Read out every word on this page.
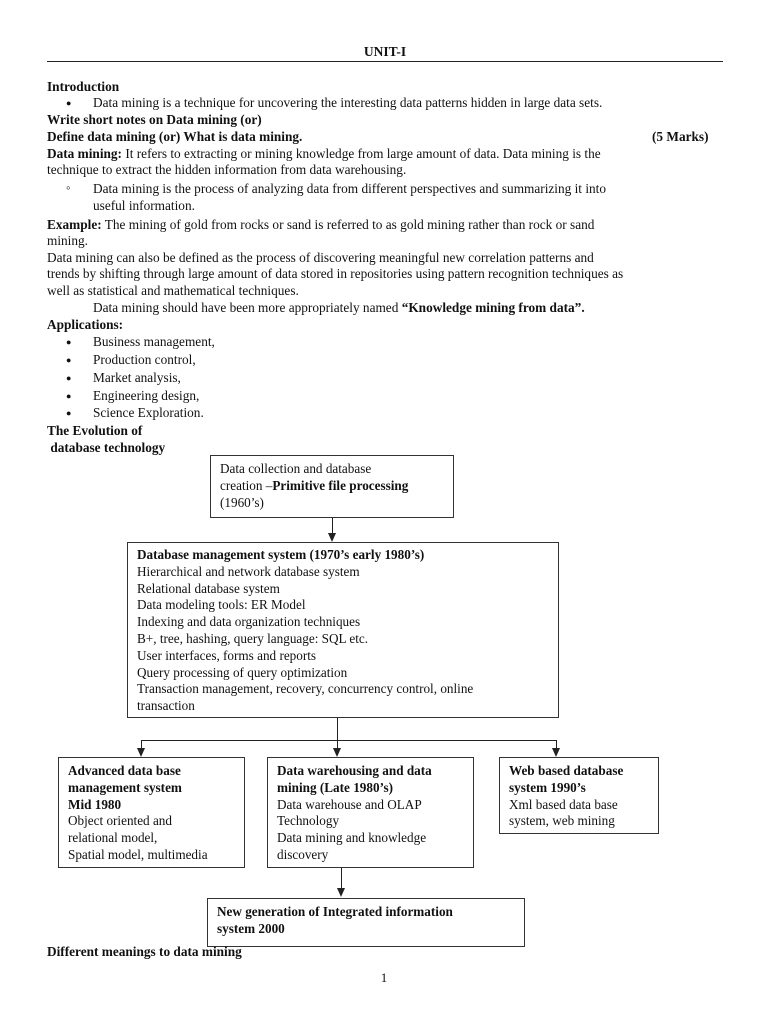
UNIT-I
Introduction
● Data mining is a technique for uncovering the interesting data patterns hidden in large data sets.
Write short notes on Data mining (or)
Define data mining (or) What is data mining.	(5 Marks)
Data mining: It refers to extracting or mining knowledge from large amount of data. Data mining is the
technique to extract the hidden information from data warehousing.
◦ Data mining is the process of analyzing data from different perspectives and summarizing it into
useful information.
Example: The mining of gold from rocks or sand is referred to as gold mining rather than rock or sand
mining.
Data mining can also be defined as the process of discovering meaningful new correlation patterns and
trends by shifting through large amount of data stored in repositories using pattern recognition techniques as
well as statistical and mathematical techniques.
Data mining should have been more appropriately named “Knowledge mining from data”.
Applications:
● Business management,
● Production control,
● Market analysis,
● Engineering design,
● Science Exploration.
The Evolution of
database technology
Data collection and database
creation –Primitive file processing
(1960’s)
Database management system (1970’s early 1980’s)
Hierarchical and network database system
Relational database system
Data modeling tools: ER Model
Indexing and data organization techniques
B+, tree, hashing, query language: SQL etc.
User interfaces, forms and reports
Query processing of query optimization
Transaction management, recovery, concurrency control, online
transaction
Advanced data base
management system
Mid 1980
Object oriented and
relational model,
Spatial model, multimedia
Data warehousing and data
mining (Late 1980’s)
Data warehouse and OLAP
Technology
Data mining and knowledge
discovery
Web based database
system 1990’s
Xml based data base
system, web mining
New generation of Integrated information
system 2000
Different meanings to data mining
1
